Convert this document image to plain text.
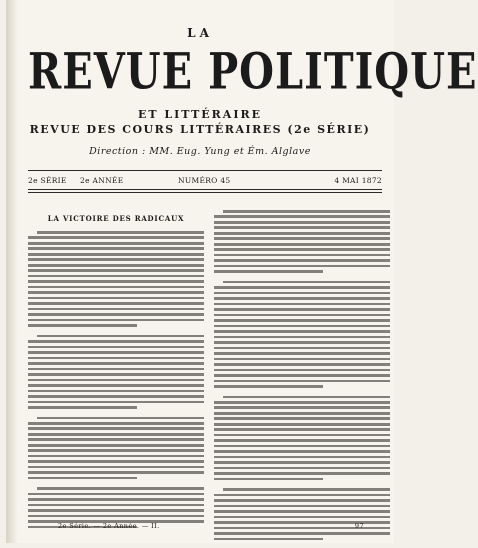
LA
REVUE POLITIQUE
ET LITTÉRAIRE
REVUE DES COURS LITTÉRAIRES (2e SÉRIE)
Direction : MM. Eug. Yung et Ém. Alglave
2e SÉRIE 2e ANNÉE	NUMÉRO 45	4 MAI 1872
LA VICTOIRE DES RADICAUX
2e Série. — 2e Année. — II.	97
